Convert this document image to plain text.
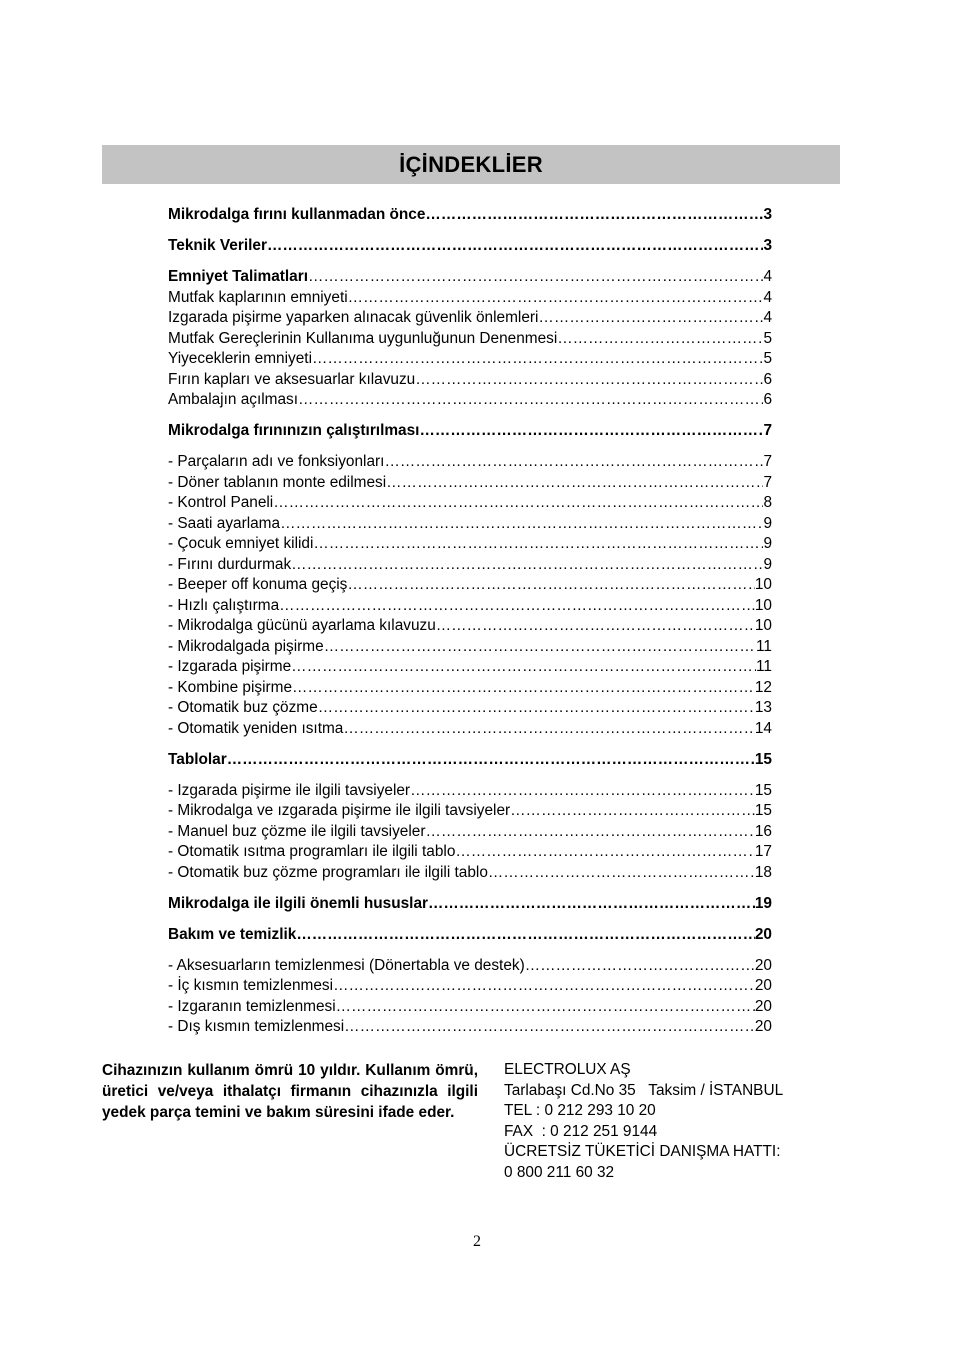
İÇİNDEKLİER
Mikrodalga fırını kullanmadan önce …………………………………………………………………………………………………………………………………………………………	3
Teknik Veriler …………………………………………………………………………………………………………………………………………………………	3
Emniyet Talimatları …………………………………………………………………………………………………………………………………………………………	4
Mutfak kaplarının emniyeti …………………………………………………………………………………………………………………………………………………………	4
Izgarada pişirme yaparken alınacak güvenlik önlemleri …………………………………………………………………………………………………………………………………………………………	4
Mutfak Gereçlerinin Kullanıma uygunluğunun Denenmesi …………………………………………………………………………………………………………………………………………………………	5
Yiyeceklerin emniyeti …………………………………………………………………………………………………………………………………………………………	5
Fırın kapları ve aksesuarlar kılavuzu …………………………………………………………………………………………………………………………………………………………	6
Ambalajın açılması …………………………………………………………………………………………………………………………………………………………	6
Mikrodalga fırınınızın çalıştırılması …………………………………………………………………………………………………………………………………………………………	7
- Parçaların adı ve fonksiyonları …………………………………………………………………………………………………………………………………………………………	7
- Döner tablanın monte edilmesi …………………………………………………………………………………………………………………………………………………………	7
- Kontrol Paneli …………………………………………………………………………………………………………………………………………………………	8
- Saati ayarlama …………………………………………………………………………………………………………………………………………………………	9
- Çocuk emniyet kilidi …………………………………………………………………………………………………………………………………………………………	9
- Fırını durdurmak …………………………………………………………………………………………………………………………………………………………	9
- Beeper off konuma geçiş …………………………………………………………………………………………………………………………………………………………	10
- Hızlı çalıştırma …………………………………………………………………………………………………………………………………………………………	10
- Mikrodalga gücünü ayarlama kılavuzu …………………………………………………………………………………………………………………………………………………………	10
- Mikrodalgada pişirme …………………………………………………………………………………………………………………………………………………………	11
- Izgarada pişirme …………………………………………………………………………………………………………………………………………………………	11
- Kombine pişirme …………………………………………………………………………………………………………………………………………………………	12
- Otomatik buz çözme …………………………………………………………………………………………………………………………………………………………	13
- Otomatik yeniden ısıtma …………………………………………………………………………………………………………………………………………………………	14
Tablolar …………………………………………………………………………………………………………………………………………………………	15
- Izgarada pişirme ile ilgili tavsiyeler …………………………………………………………………………………………………………………………………………………………	15
- Mikrodalga ve ızgarada pişirme ile ilgili tavsiyeler …………………………………………………………………………………………………………………………………………………………	15
- Manuel buz çözme ile ilgili tavsiyeler …………………………………………………………………………………………………………………………………………………………	16
- Otomatik ısıtma programları ile ilgili tablo …………………………………………………………………………………………………………………………………………………………	17
- Otomatik buz çözme programları ile ilgili tablo …………………………………………………………………………………………………………………………………………………………	18
Mikrodalga ile ilgili önemli hususlar …………………………………………………………………………………………………………………………………………………………	19
Bakım ve temizlik …………………………………………………………………………………………………………………………………………………………	20
- Aksesuarların temizlenmesi (Dönertabla ve destek) …………………………………………………………………………………………………………………………………………………………	20
- İç kısmın temizlenmesi …………………………………………………………………………………………………………………………………………………………	20
- Izgaranın temizlenmesi …………………………………………………………………………………………………………………………………………………………	20
- Dış kısmın temizlenmesi …………………………………………………………………………………………………………………………………………………………	20
Cihazınızın kullanım ömrü 10 yıldır. Kullanım ömrü, üretici ve/veya ithalatçı firmanın cihazınızla ilgili yedek parça temini ve bakım süresini ifade eder.
ELECTROLUX AŞ
Tarlabaşı Cd.No 35   Taksim / İSTANBUL
TEL : 0 212 293 10 20
FAX  : 0 212 251 9144
ÜCRETSİZ TÜKETİCİ DANIŞMA HATTI:
0 800 211 60 32
2
